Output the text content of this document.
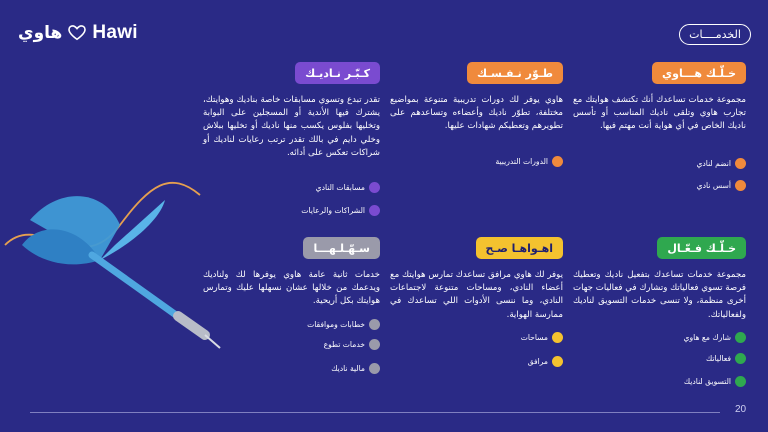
هاوي Hawi	الخدمــــات
خـلّـك هـــاوي
مجموعة خدمات تساعدك أنك تكتشف هوايتك مع تجارب هاوي وتلقى ناديك المناسب أو تأسس ناديك الخاص في أي هواية أنت مهتم فيها.
انضم لنادي
أسس نادي
طـوّر نـفـسـك
هاوي يوفر لك دورات تدريبية متنوعة بمواضيع مختلفة، تطوّر ناديك وأعضاءه وتساعدهم على تطويرهم وتعطيكم شهادات عليها.
الدورات التدريبية
كـبّـر نـاديـك
تقدر تبدع وتسوي مسابقات خاصة بناديك وهوايتك، يشترك فيها الأندية أو المسجلين على البوابة وتخليها بفلوس يكسب منها ناديك أو تخليها ببلاش وخلي دايم في بالك تقدر ترتب رعايات لناديك أو شراكات تعكس على أدائه.
مسابقات النادي
الشراكات والرعايات
خـلّـك فـعّـال
مجموعة خدمات تساعدك بتفعيل ناديك وتعطيك فرصة تسوي فعالياتك وتشارك في فعاليات جهات أخرى منظمة، ولا تنسى خدمات التسويق لناديك ولفعالياتك.
شارك مع هاوي
فعالياتك
التسويق لناديك
اهـواهـا صـح
يوفر لك هاوي مرافق تساعدك تمارس هوايتك مع أعضاء النادي، ومساحات متنوعة لاجتماعات النادي، وما ننسى الأدوات اللي تساعدك في ممارسة الهواية.
مساحات
مرافق
سـهّـلـهـــا
خدمات ثانية عامة هاوي يوفرها لك ولناديك ويدعمك من خلالها عشان نسهلها عليك وتمارس هوايتك بكل أريحية.
خطابات وموافقات
خدمات تطوع
مالية ناديك
20
